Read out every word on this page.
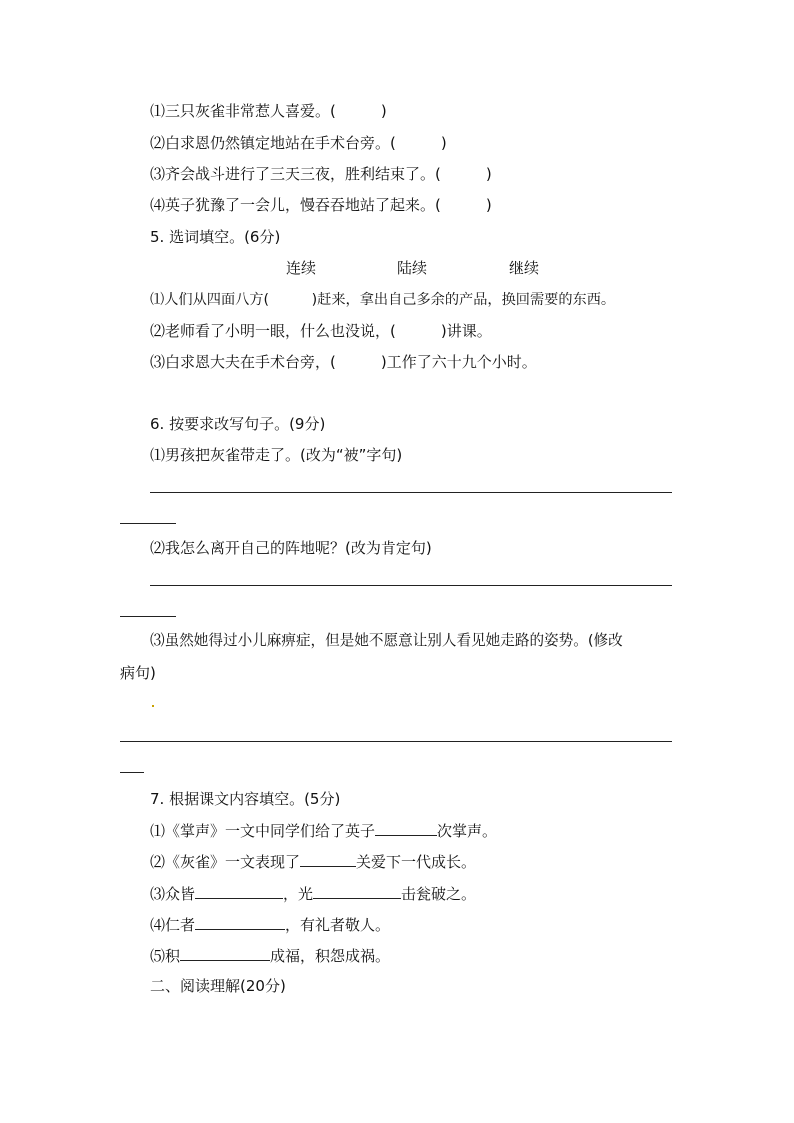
⑴三只灰雀非常惹人喜爱。(　　　)
⑵白求恩仍然镇定地站在手术台旁。(　　　)
⑶齐会战斗进行了三天三夜，胜利结束了。(　　　)
⑷英子犹豫了一会儿，慢吞吞地站了起来。(　　　)
5. 选词填空。(6分)
连续	陆续	继续
⑴人们从四面八方(　　　)赶来，拿出自己多余的产品，换回需要的东西。
⑵老师看了小明一眼，什么也没说，(　　　)讲课。
⑶白求恩大夫在手术台旁，(　　　)工作了六十九个小时。
6. 按要求改写句子。(9分)
⑴男孩把灰雀带走了。(改为“被”字句)
⑵我怎么离开自己的阵地呢？(改为肯定句)
⑶虽然她得过小儿麻痹症，但是她不愿意让别人看见她走路的姿势。(修改
病句)
7. 根据课文内容填空。(5分)
⑴《掌声》一文中同学们给了英子	次掌声。
⑵《灰雀》一文表现了	关爱下一代成长。
⑶众皆	，光	击瓮破之。
⑷仁者	，有礼者敬人。
⑸积	成福，积怨成祸。
二、阅读理解(20分)
